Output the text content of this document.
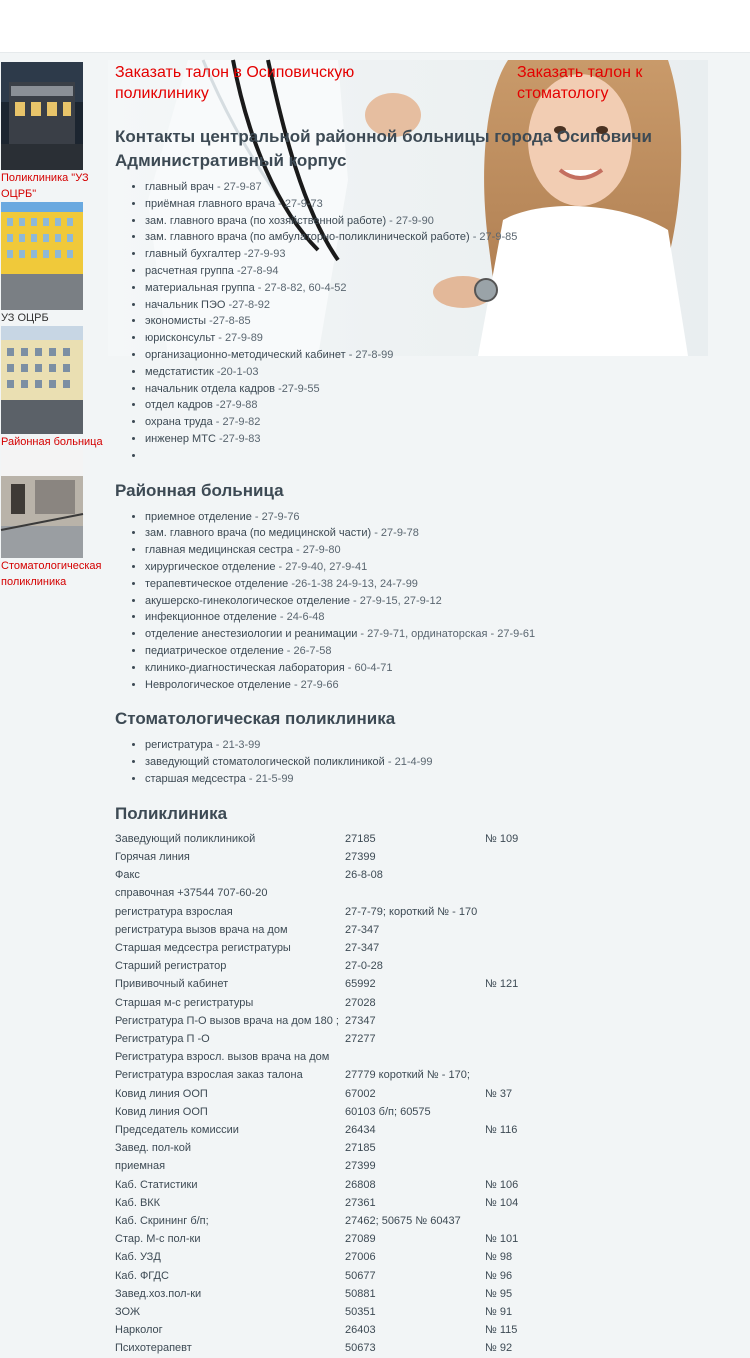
Поликлиника "УЗ ОЦРБ"
УЗ ОЦРБ
Районная больница
Стоматологическая поликлиника
Заказать талон в Осиповичскую поликлинику
Заказать талон к стоматологу
Контакты центральной районной больницы города Осиповичи
Административный корпус
• главный врач - 27-9-87
• приёмная главного врача - 27-9-73
• зам. главного врача (по хозяйственной работе) - 27-9-90
• зам. главного врача (по амбулаторно-поликлинической работе) - 27-9-85
• главный бухгалтер -27-9-93
• расчетная группа -27-8-94
• материальная группа - 27-8-82, 60-4-52
• начальник ПЭО -27-8-92
• экономисты -27-8-85
• юрисконсульт - 27-9-89
• организационно-методический кабинет - 27-8-99
• медстатистик -20-1-03
• начальник отдела кадров -27-9-55
• отдел кадров -27-9-88
• охрана труда - 27-9-82
• инженер МТС -27-9-83
•
Районная больница
• приемное отделение - 27-9-76
• зам. главного врача (по медицинской части) - 27-9-78
• главная медицинская сестра - 27-9-80
• хирургическое отделение - 27-9-40, 27-9-41
• терапевтическое отделение -26-1-38 24-9-13, 24-7-99
• акушерско-гинекологическое отделение - 27-9-15, 27-9-12
• инфекционное отделение - 24-6-48
• отделение анестезиологии и реанимации - 27-9-71, ординаторская - 27-9-61
• педиатрическое отделение - 26-7-58
• клинико-диагностическая лаборатория - 60-4-71
• Неврологическое отделение - 27-9-66
Стоматологическая поликлиника
• регистратура - 21-3-99
• заведующий стоматологической поликлиникой - 21-4-99
• старшая медсестра - 21-5-99
Поликлиника
Заведующий поликлиникой	27185	№ 109
Горячая линия	27399	
Факс	26-8-08	
справочная +37544 707-60-20		
регистратура взрослая	27-7-79; короткий № - 170	
регистратура вызов врача на дом	27-347	
Старшая медсестра регистратуры	27-347	
Старший регистратор	27-0-28	
Прививочный кабинет	65992	№ 121
Старшая м-с регистратуры	27028	
Регистратура П-О вызов врача на дом 180 ;	27347	
Регистратура П -О	27277	
Регистратура взросл. вызов врача на дом		
Регистратура взрослая заказ талона	27779 короткий № - 170;	
Ковид линия ООП	67002	№ 37
Ковид линия ООП	60103 б/п; 60575	
Председатель комиссии	26434	№ 116
Завед. пол-кой	27185	
приемная	27399	
Каб. Статистики	26808	№ 106
Каб. ВКК	27361	№ 104
Каб. Скрининг б/п;	27462; 50675 № 60437	
Стар. М-с пол-ки	27089	№ 101
Каб. УЗД	27006	№ 98
Каб. ФГДС	50677	№ 96
Завед.хоз.пол-ки	50881	№ 95
ЗОЖ	50351	№ 91
Нарколог	26403	№ 115
Психотерапевт	50673	№ 92
